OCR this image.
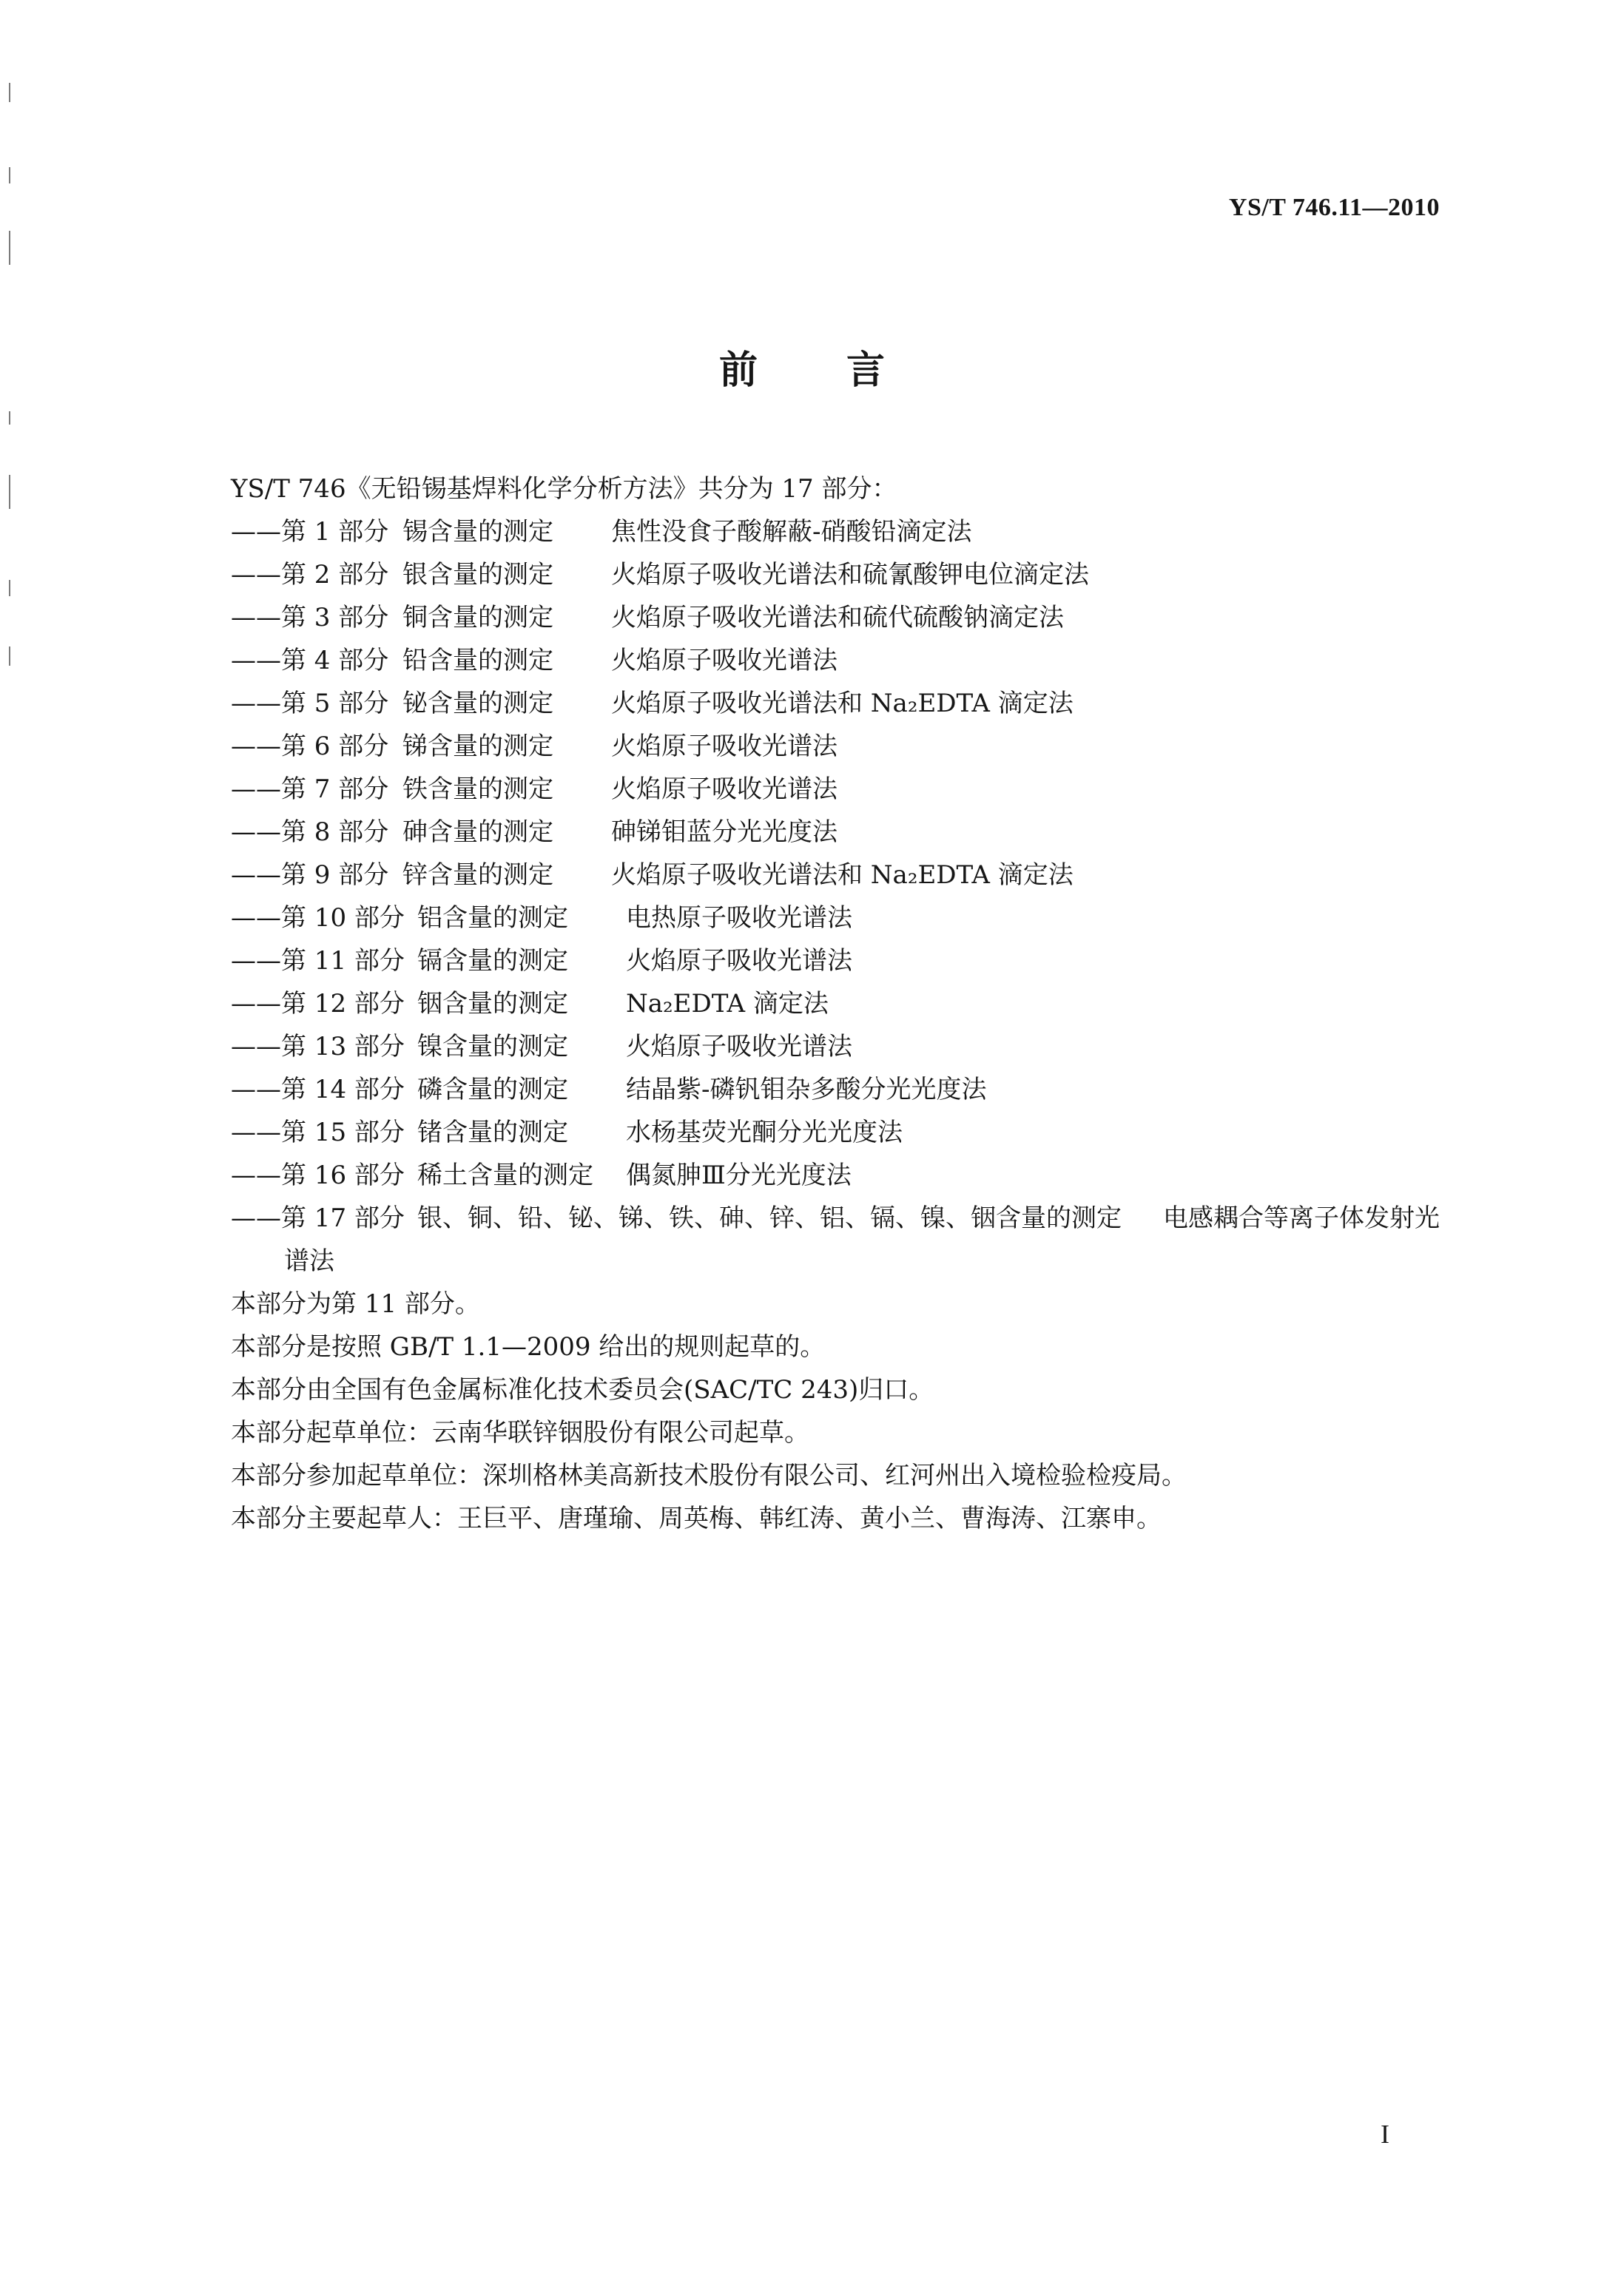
YS/T 746.11—2010
前言
YS/T 746《无铅锡基焊料化学分析方法》共分为 17 部分：
——第 1 部分 锡含量的测定	焦性没食子酸解蔽-硝酸铅滴定法
——第 2 部分 银含量的测定	火焰原子吸收光谱法和硫氰酸钾电位滴定法
——第 3 部分 铜含量的测定	火焰原子吸收光谱法和硫代硫酸钠滴定法
——第 4 部分 铅含量的测定	火焰原子吸收光谱法
——第 5 部分 铋含量的测定	火焰原子吸收光谱法和 Na₂EDTA 滴定法
——第 6 部分 锑含量的测定	火焰原子吸收光谱法
——第 7 部分 铁含量的测定	火焰原子吸收光谱法
——第 8 部分 砷含量的测定	砷锑钼蓝分光光度法
——第 9 部分 锌含量的测定	火焰原子吸收光谱法和 Na₂EDTA 滴定法
——第 10 部分 铝含量的测定	电热原子吸收光谱法
——第 11 部分 镉含量的测定	火焰原子吸收光谱法
——第 12 部分 铟含量的测定	Na₂EDTA 滴定法
——第 13 部分 镍含量的测定	火焰原子吸收光谱法
——第 14 部分 磷含量的测定	结晶紫-磷钒钼杂多酸分光光度法
——第 15 部分 锗含量的测定	水杨基荧光酮分光光度法
——第 16 部分 稀土含量的测定	偶氮胂Ⅲ分光光度法
——第 17 部分 银、铜、铅、铋、锑、铁、砷、锌、铝、镉、镍、铟含量的测定 电感耦合等离子体发射光
谱法
本部分为第 11 部分。
本部分是按照 GB/T 1.1—2009 给出的规则起草的。
本部分由全国有色金属标准化技术委员会(SAC/TC 243)归口。
本部分起草单位：云南华联锌铟股份有限公司起草。
本部分参加起草单位：深圳格林美高新技术股份有限公司、红河州出入境检验检疫局。
本部分主要起草人：王巨平、唐瑾瑜、周英梅、韩红涛、黄小兰、曹海涛、江寨申。
I
